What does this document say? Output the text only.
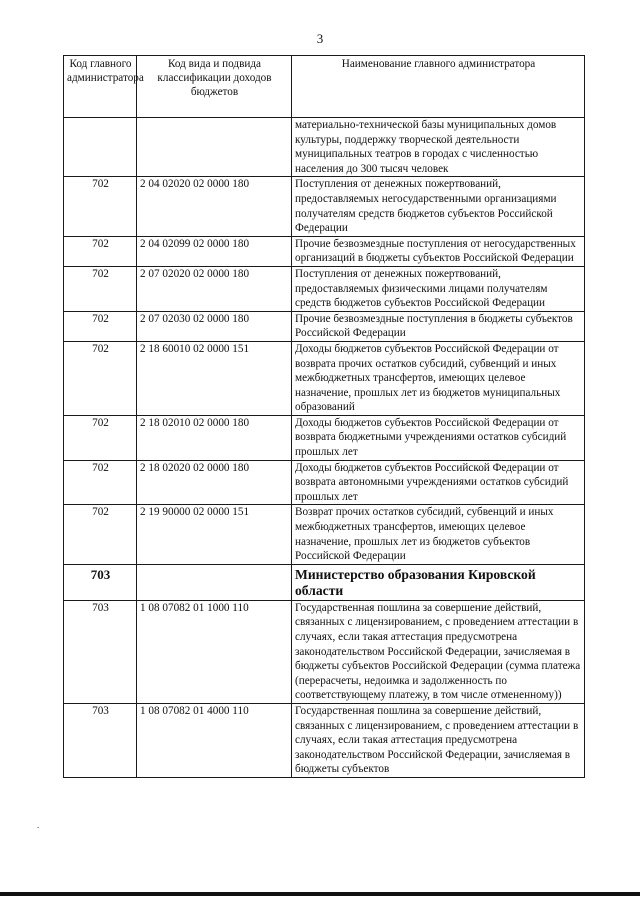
3
Код главного администратора	Код вида и подвида классификации доходов бюджетов	Наименование главного администратора
		материально-технической базы муниципальных домов культуры, поддержку творческой деятельности муниципальных театров в городах с численностью населения до 300 тысяч человек
702	2 04 02020 02 0000 180	Поступления от денежных пожертвований, предоставляемых негосударственными организациями получателям средств бюджетов субъектов Российской Федерации
702	2 04 02099 02 0000 180	Прочие безвозмездные поступления от негосударственных организаций в бюджеты субъектов Российской Федерации
702	2 07 02020 02 0000 180	Поступления от денежных пожертвований, предоставляемых физическими лицами получателям средств бюджетов субъектов Российской Федерации
702	2 07 02030 02 0000 180	Прочие безвозмездные поступления в бюджеты субъектов Российской Федерации
702	2 18 60010 02 0000 151	Доходы бюджетов субъектов Российской Федерации от возврата прочих остатков субсидий, субвенций и иных межбюджетных трансфертов, имеющих целевое назначение, прошлых лет из бюджетов муниципальных образований
702	2 18 02010 02 0000 180	Доходы бюджетов субъектов Российской Федерации от возврата бюджетными учреждениями остатков субсидий прошлых лет
702	2 18 02020 02 0000 180	Доходы бюджетов субъектов Российской Федерации от возврата автономными учреждениями остатков субсидий прошлых лет
702	2 19 90000 02 0000 151	Возврат прочих остатков субсидий, субвенций и иных межбюджетных трансфертов, имеющих целевое назначение, прошлых лет из бюджетов субъектов Российской Федерации
703		Министерство образования Кировской области
703	1 08 07082 01 1000 110	Государственная пошлина за совершение действий, связанных с лицензированием, с проведением аттестации в случаях, если такая аттестация предусмотрена законодательством Российской Федерации, зачисляемая в бюджеты субъектов Российской Федерации (сумма платежа (перерасчеты, недоимка и задолженность по соответствующему платежу, в том числе отмененному))
703	1 08 07082 01 4000 110	Государственная пошлина за совершение действий, связанных с лицензированием, с проведением аттестации в случаях, если такая аттестация предусмотрена законодательством Российской Федерации, зачисляемая в бюджеты субъектов
.
